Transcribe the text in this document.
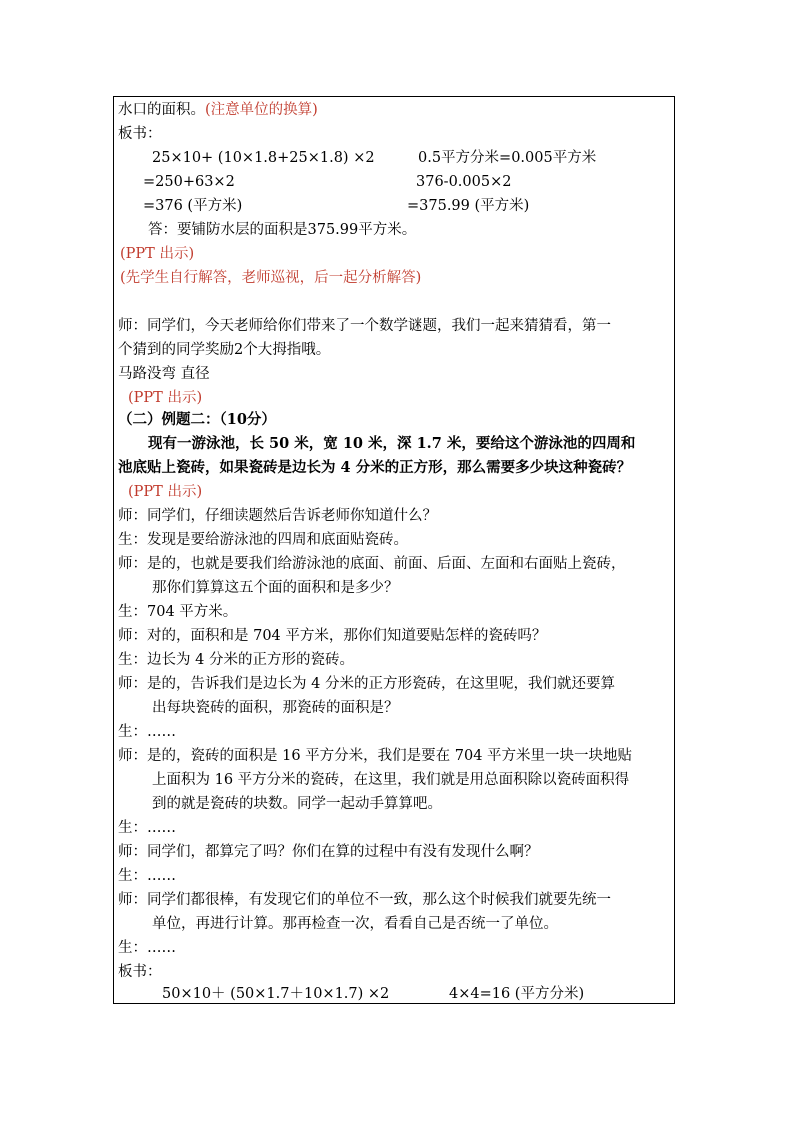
水口的面积。(注意单位的换算)
板书：
25×10+ (10×1.8+25×1.8) ×2	0.5平方分米=0.005平方米
=250+63×2	376-0.005×2
=376 (平方米)	=375.99 (平方米)
答：要铺防水层的面积是375.99平方米。
(PPT 出示)
(先学生自行解答，老师巡视，后一起分析解答)
师：同学们，今天老师给你们带来了一个数学谜题，我们一起来猜猜看，第一
个猜到的同学奖励2个大拇指哦。
马路没弯 直径
(PPT 出示)
（二）例题二：（10分）
现有一游泳池，长 50 米，宽 10 米，深 1.7 米，要给这个游泳池的四周和
池底贴上瓷砖，如果瓷砖是边长为 4 分米的正方形，那么需要多少块这种瓷砖？
(PPT 出示)
师：同学们，仔细读题然后告诉老师你知道什么？
生：发现是要给游泳池的四周和底面贴瓷砖。
师：是的，也就是要我们给游泳池的底面、前面、后面、左面和右面贴上瓷砖，
那你们算算这五个面的面积和是多少？
生：704 平方米。
师：对的，面积和是 704 平方米，那你们知道要贴怎样的瓷砖吗？
生：边长为 4 分米的正方形的瓷砖。
师：是的，告诉我们是边长为 4 分米的正方形瓷砖，在这里呢，我们就还要算
出每块瓷砖的面积，那瓷砖的面积是？
生：……
师：是的，瓷砖的面积是 16 平方分米，我们是要在 704 平方米里一块一块地贴
上面积为 16 平方分米的瓷砖，在这里，我们就是用总面积除以瓷砖面积得
到的就是瓷砖的块数。同学一起动手算算吧。
生：……
师：同学们，都算完了吗？你们在算的过程中有没有发现什么啊？
生：……
师：同学们都很棒，有发现它们的单位不一致，那么这个时候我们就要先统一
单位，再进行计算。那再检查一次，看看自己是否统一了单位。
生：……
板书：
50×10＋ (50×1.7＋10×1.7) ×2	4×4=16 (平方分米)
